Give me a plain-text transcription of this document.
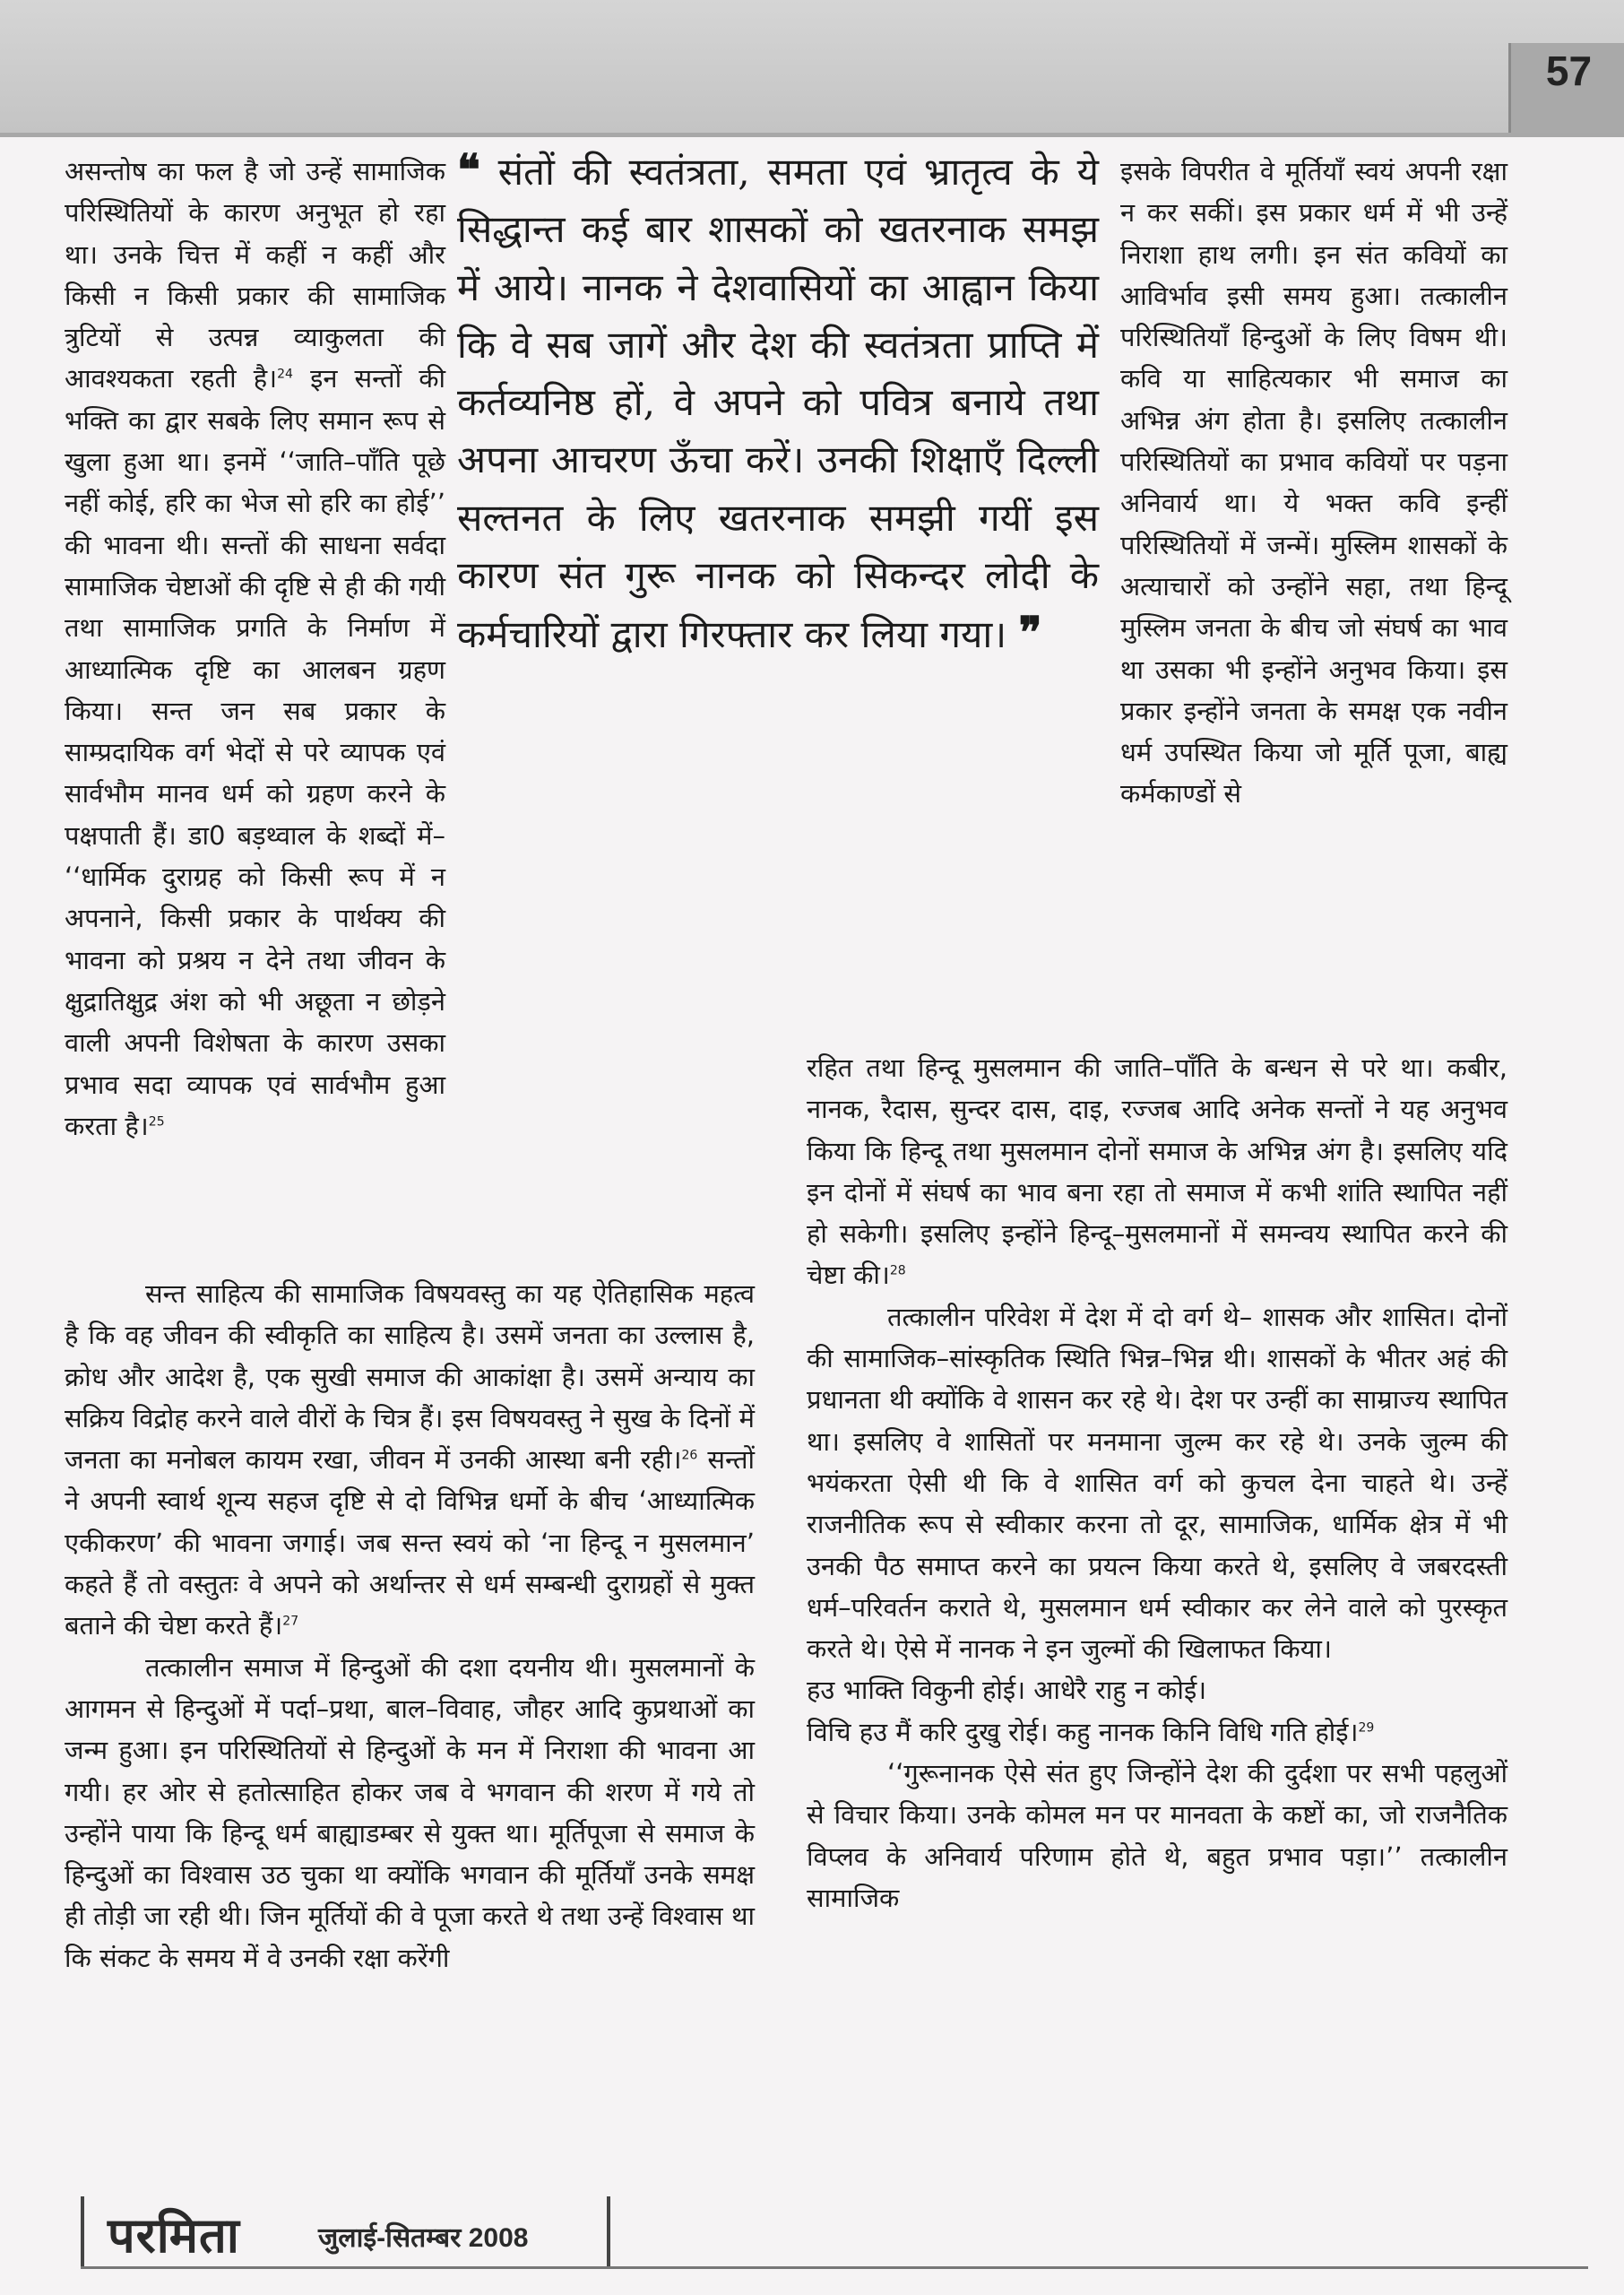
57

असन्तोष का फल है जो उन्हें सामाजिक परिस्थितियों के कारण अनुभूत हो रहा था। उनके चित्त में कहीं न कहीं और किसी न किसी प्रकार की सामाजिक त्रुटियों से उत्पन्न व्याकुलता की आवश्यकता रहती है।$^{24}$ इन सन्तों की भक्ति का द्वार सबके लिए समान रूप से खुला हुआ था। इनमें ‘‘जाति–पाँति पूछे नहीं कोई, हरि का भेज सो हरि का होई’’ की भावना थी। सन्तों की साधना सर्वदा सामाजिक चेष्टाओं की दृष्टि से ही की गयी तथा सामाजिक प्रगति के निर्माण में आध्यात्मिक दृष्टि का आलबन ग्रहण किया। सन्त जन सब प्रकार के साम्प्रदायिक वर्ग भेदों से परे व्यापक एवं सार्वभौम मानव धर्म को ग्रहण करने के पक्षपाती हैं। डा0 बड़थ्वाल के शब्दों में– ‘‘धार्मिक दुराग्रह को किसी रूप में न अपनाने, किसी प्रकार के पार्थक्य की भावना को प्रश्रय न देने तथा जीवन के क्षुद्रातिक्षुद्र अंश को भी अछूता न छोड़ने वाली अपनी विशेषता के कारण उसका प्रभाव सदा व्यापक एवं सार्वभौम हुआ करता है।$^{25}$

सन्त साहित्य की सामाजिक विषयवस्तु का यह ऐतिहासिक महत्व है कि वह जीवन की स्वीकृति का साहित्य है। उसमें जनता का उल्लास है, क्रोध और आदेश है, एक सुखी समाज की आकांक्षा है। उसमें अन्याय का सक्रिय विद्रोह करने वाले वीरों के चित्र हैं। इस विषयवस्तु ने सुख के दिनों में जनता का मनोबल कायम रखा, जीवन में उनकी आस्था बनी रही।$^{26}$ सन्तों ने अपनी स्वार्थ शून्य सहज दृष्टि से दो विभिन्न धर्मो के बीच ‘आध्यात्मिक एकीकरण’ की भावना जगाई। जब सन्त स्वयं को ‘ना हिन्दू न मुसलमान’ कहते हैं तो वस्तुतः वे अपने को अर्थान्तर से धर्म सम्बन्धी दुराग्रहों से मुक्त बताने की चेष्टा करते हैं।$^{27}$

तत्कालीन समाज में हिन्दुओं की दशा दयनीय थी। मुसलमानों के आगमन से हिन्दुओं में पर्दा–प्रथा, बाल–विवाह, जौहर आदि कुप्रथाओं का जन्म हुआ। इन परिस्थितियों से हिन्दुओं के मन में निराशा की भावना आ गयी। हर ओर से हतोत्साहित होकर जब वे भगवान की शरण में गये तो उन्होंने पाया कि हिन्दू धर्म बाह्याडम्बर से युक्त था। मूर्तिपूजा से समाज के हिन्दुओं का विश्वास उठ चुका था क्योंकि भगवान की मूर्तियाँ उनके समक्ष ही तोड़ी जा रही थी। जिन मूर्तियों की वे पूजा करते थे तथा उन्हें विश्वास था कि संकट के समय में वे उनकी रक्षा करेंगी

❝ संतों की स्वतंत्रता, समता एवं भ्रातृत्व के ये सिद्धान्त कई बार शासकों को खतरनाक समझ में आये। नानक ने देशवासियों का आह्वान किया कि वे सब जागें और देश की स्वतंत्रता प्राप्ति में कर्तव्यनिष्ठ हों, वे अपने को पवित्र बनाये तथा अपना आचरण ऊँचा करें। उनकी शिक्षाएँ दिल्ली सल्तनत के लिए खतरनाक समझी गयीं इस कारण संत गुरू नानक को सिकन्दर लोदी के कर्मचारियों द्वारा गिरफ्तार कर लिया गया। ❞

इसके विपरीत वे मूर्तियाँ स्वयं अपनी रक्षा न कर सकीं। इस प्रकार धर्म में भी उन्हें निराशा हाथ लगी। इन संत कवियों का आविर्भाव इसी समय हुआ। तत्कालीन परिस्थितियाँ हिन्दुओं के लिए विषम थी। कवि या साहित्यकार भी समाज का अभिन्न अंग होता है। इसलिए तत्कालीन परिस्थितियों का प्रभाव कवियों पर पड़ना अनिवार्य था। ये भक्त कवि इन्हीं परिस्थितियों में जन्में। मुस्लिम शासकों के अत्याचारों को उन्होंने सहा, तथा हिन्दू मुस्लिम जनता के बीच जो संघर्ष का भाव था उसका भी इन्होंने अनुभव किया। इस प्रकार इन्होंने जनता के समक्ष एक नवीन धर्म उपस्थित किया जो मूर्ति पूजा, बाह्य कर्मकाण्डों से

रहित तथा हिन्दू मुसलमान की जाति–पाँति के बन्धन से परे था। कबीर, नानक, रैदास, सुन्दर दास, दाइ, रज्जब आदि अनेक सन्तों ने यह अनुभव किया कि हिन्दू तथा मुसलमान दोनों समाज के अभिन्न अंग है। इसलिए यदि इन दोनों में संघर्ष का भाव बना रहा तो समाज में कभी शांति स्थापित नहीं हो सकेगी। इसलिए इन्होंने हिन्दू–मुसलमानों में समन्वय स्थापित करने की चेष्टा की।$^{28}$

तत्कालीन परिवेश में देश में दो वर्ग थे– शासक और शासित। दोनों की सामाजिक–सांस्कृतिक स्थिति भिन्न–भिन्न थी। शासकों के भीतर अहं की प्रधानता थी क्योंकि वे शासन कर रहे थे। देश पर उन्हीं का साम्राज्य स्थापित था। इसलिए वे शासितों पर मनमाना जुल्म कर रहे थे। उनके जुल्म की भयंकरता ऐसी थी कि वे शासित वर्ग को कुचल देना चाहते थे। उन्हें राजनीतिक रूप से स्वीकार करना तो दूर, सामाजिक, धार्मिक क्षेत्र में भी उनकी पैठ समाप्त करने का प्रयत्न किया करते थे, इसलिए वे जबरदस्ती धर्म–परिवर्तन कराते थे, मुसलमान धर्म स्वीकार कर लेने वाले को पुरस्कृत करते थे। ऐसे में नानक ने इन जुल्मों की खिलाफत किया।

हउ भाक्ति विकुनी होई। आधेरै राहु न कोई।

विचि हउ मैं करि दुखु रोई। कहु नानक किनि विधि गति होई।$^{29}$

‘‘गुरूनानक ऐसे संत हुए जिन्होंने देश की दुर्दशा पर सभी पहलुओं से विचार किया। उनके कोमल मन पर मानवता के कष्टों का, जो राजनैतिक विप्लव के अनिवार्य परिणाम होते थे, बहुत प्रभाव पड़ा।’’ तत्कालीन सामाजिक

परमिता	जुलाई-सितम्बर 2008
